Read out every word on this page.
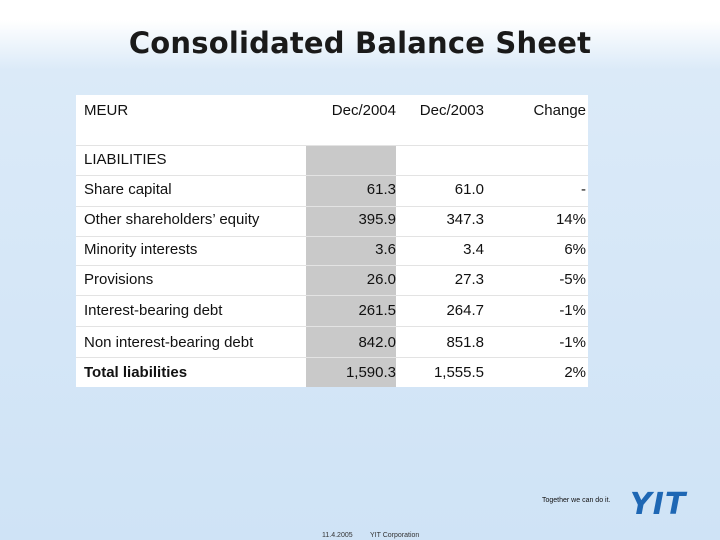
Consolidated Balance Sheet
MEUR	Dec/2004 Dec/2003	Change
LIABILITIES
Share capital	61.3	61.0	-
Other shareholders’ equity	395.9	347.3	14%
Minority interests	3.6	3.4	6%
Provisions	26.0	27.3	-5%
Interest-bearing debt	261.5	264.7	-1%
Non interest-bearing debt	842.0	851.8	-1%
Total liabilities	1,590.3	1,555.5	2%
Together we can do it. YIT
11.4.2005 YIT Corporation
